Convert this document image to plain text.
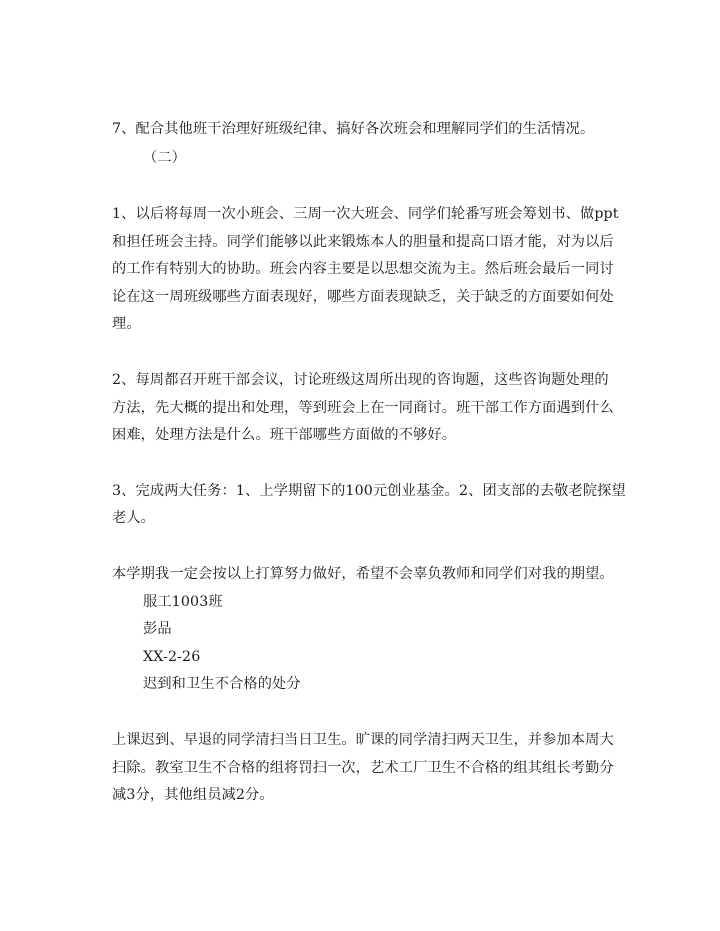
7、配合其他班干治理好班级纪律、搞好各次班会和理解同学们的生活情况。
（二）
1、以后将每周一次小班会、三周一次大班会、同学们轮番写班会筹划书、做ppt
和担任班会主持。同学们能够以此来锻炼本人的胆量和提高口语才能，对为以后
的工作有特别大的协助。班会内容主要是以思想交流为主。然后班会最后一同讨
论在这一周班级哪些方面表现好，哪些方面表现缺乏，关于缺乏的方面要如何处
理。
2、每周都召开班干部会议，讨论班级这周所出现的咨询题，这些咨询题处理的
方法，先大概的提出和处理，等到班会上在一同商讨。班干部工作方面遇到什么
困难，处理方法是什么。班干部哪些方面做的不够好。
3、完成两大任务：1、上学期留下的100元创业基金。2、团支部的去敬老院探望
老人。
本学期我一定会按以上打算努力做好，希望不会辜负教师和同学们对我的期望。
服工1003班
彭品
XX-2-26
迟到和卫生不合格的处分
上课迟到、早退的同学清扫当日卫生。旷课的同学清扫两天卫生，并参加本周大
扫除。教室卫生不合格的组将罚扫一次，艺术工厂卫生不合格的组其组长考勤分
减3分，其他组员减2分。
